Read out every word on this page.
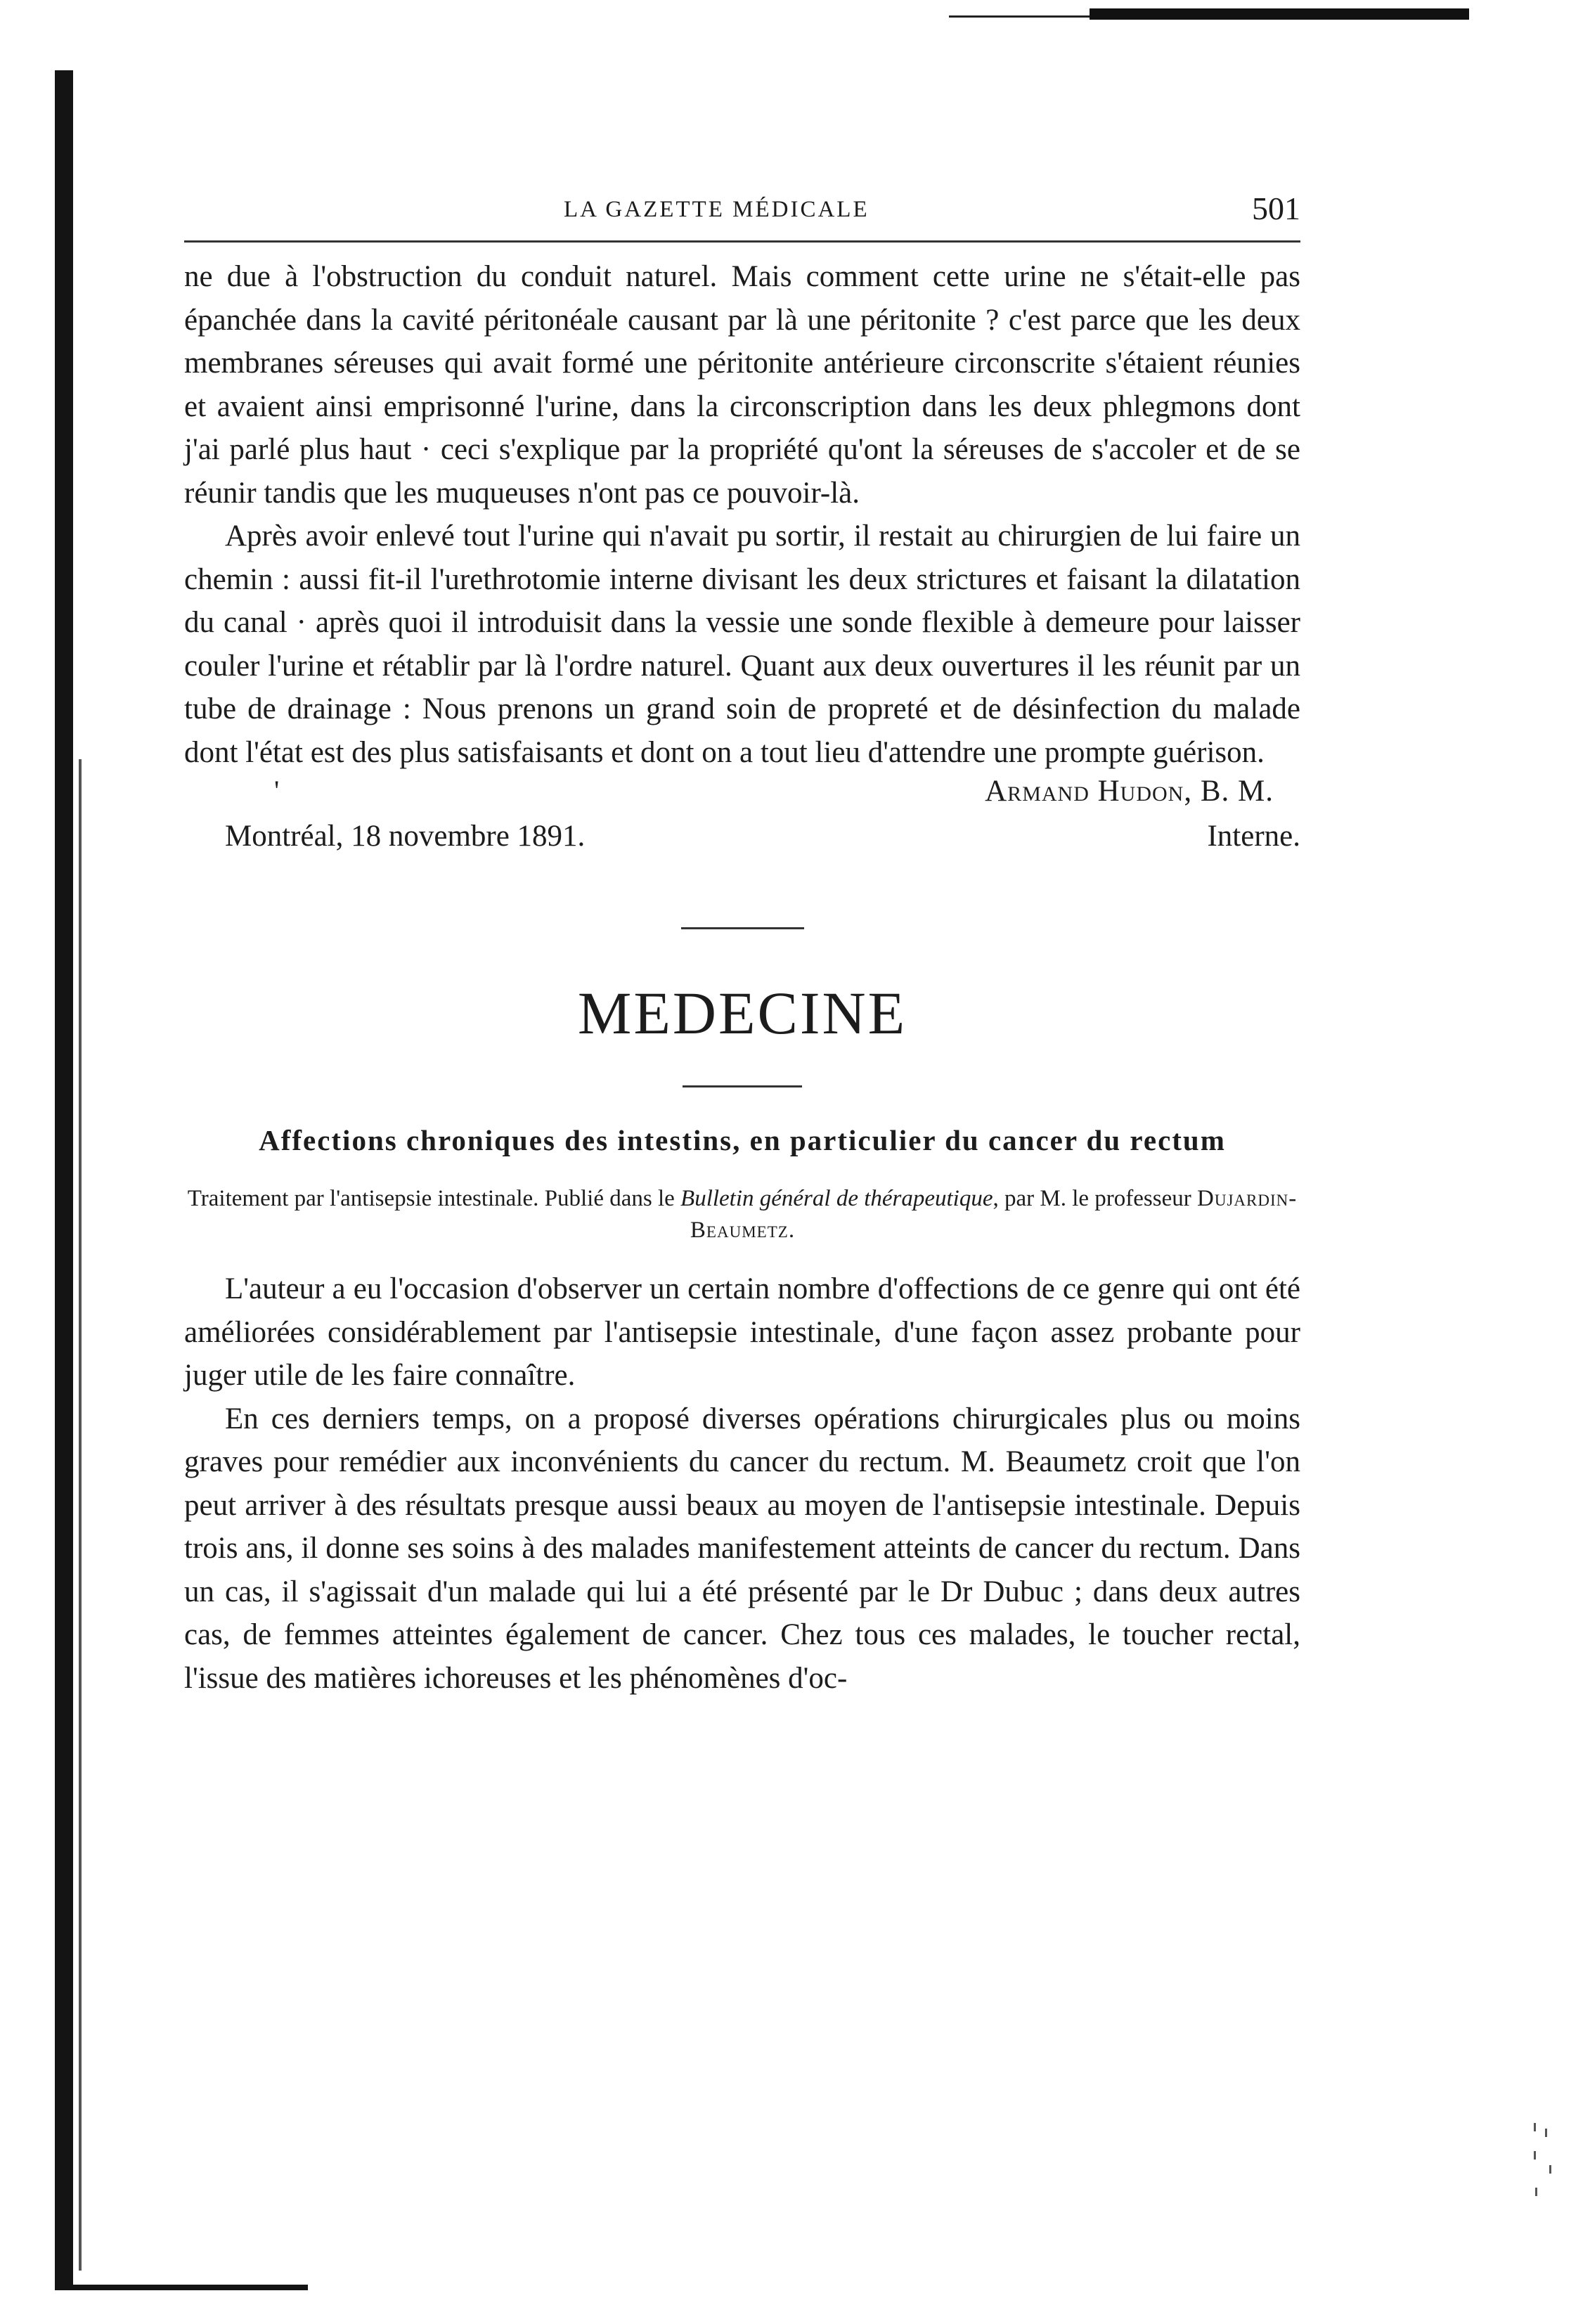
LA GAZETTE MÉDICALE	501

ne due à l'obstruction du conduit naturel. Mais comment cette urine ne s'était-elle pas épanchée dans la cavité péritonéale causant par là une péritonite ? c'est parce que les deux membranes séreuses qui avait formé une péritonite antérieure circonscrite s'étaient réunies et avaient ainsi emprisonné l'urine, dans la circonscription dans les deux phlegmons dont j'ai parlé plus haut · ceci s'explique par la propriété qu'ont la séreuses de s'accoler et de se réunir tandis que les muqueuses n'ont pas ce pouvoir-là.

Après avoir enlevé tout l'urine qui n'avait pu sortir, il restait au chirurgien de lui faire un chemin : aussi fit-il l'urethrotomie interne divisant les deux strictures et faisant la dilatation du canal · après quoi il introduisit dans la vessie une sonde flexible à demeure pour laisser couler l'urine et rétablir par là l'ordre naturel. Quant aux deux ouvertures il les réunit par un tube de drainage : Nous prenons un grand soin de propreté et de désinfection du malade dont l'état est des plus satisfaisants et dont on a tout lieu d'attendre une prompte guérison.

'	Armand Hudon, B. M.
Montréal, 18 novembre 1891.	Interne.
MEDECINE
Affections chroniques des intestins, en particulier du cancer du rectum
Traitement par l'antisepsie intestinale. Publié dans le Bulletin général de thérapeutique, par M. le professeur Dujardin-Beaumetz.

L'auteur a eu l'occasion d'observer un certain nombre d'offections de ce genre qui ont été améliorées considérablement par l'antisepsie intestinale, d'une façon assez probante pour juger utile de les faire connaître.

En ces derniers temps, on a proposé diverses opérations chirurgicales plus ou moins graves pour remédier aux inconvénients du cancer du rectum. M. Beaumetz croit que l'on peut arriver à des résultats presque aussi beaux au moyen de l'antisepsie intestinale. Depuis trois ans, il donne ses soins à des malades manifestement atteints de cancer du rectum. Dans un cas, il s'agissait d'un malade qui lui a été présenté par le Dr Dubuc ; dans deux autres cas, de femmes atteintes également de cancer. Chez tous ces malades, le toucher rectal, l'issue des matières ichoreuses et les phénomènes d'oc-
